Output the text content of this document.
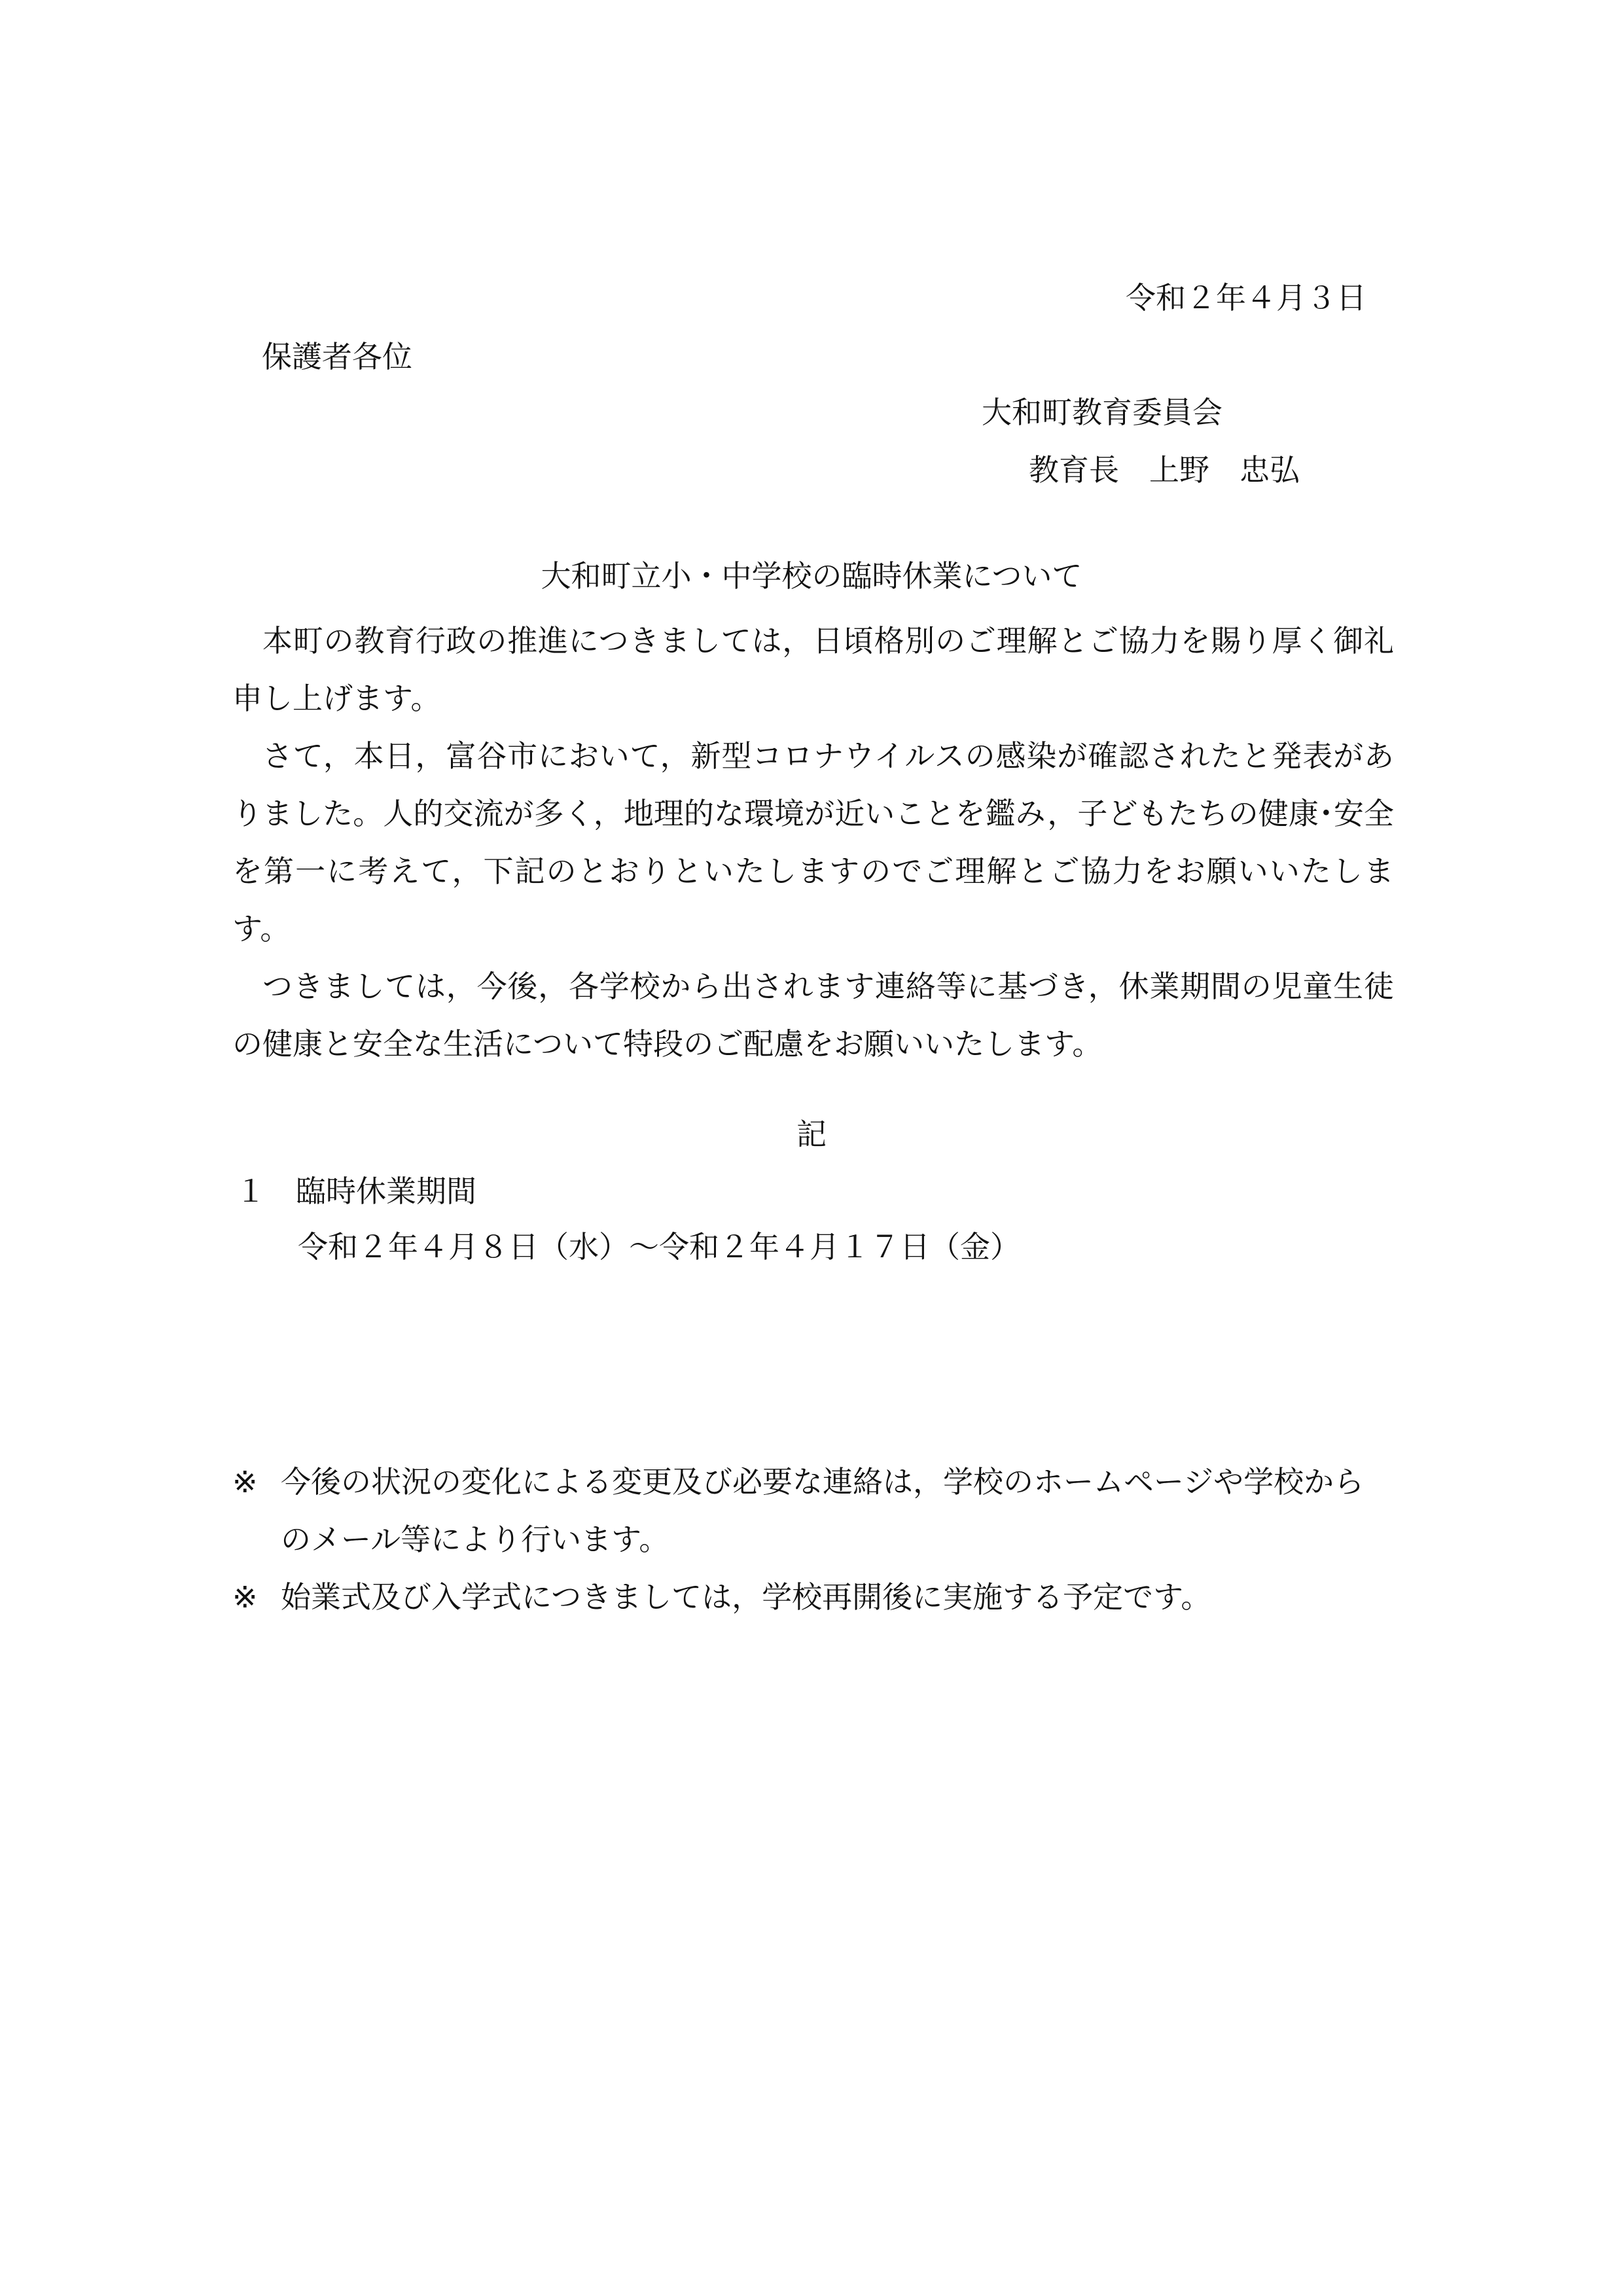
令和２年４月３日
保護者各位
大和町教育委員会
教育長 上野 忠弘
大和町立小・中学校の臨時休業について

本町の教育行政の推進につきましては，日頃格別のご理解とご協力を賜り厚く御礼申し上げます。

さて，本日，富谷市において，新型コロナウイルスの感染が確認されたと発表がありました。人的交流が多く，地理的な環境が近いことを鑑み，子どもたちの健康･安全を第一に考えて，下記のとおりといたしますのでご理解とご協力をお願いいたします。

つきましては，今後，各学校から出されます連絡等に基づき，休業期間の児童生徒の健康と安全な生活について特段のご配慮をお願いいたします。

記
１ 臨時休業期間
令和２年４月８日（水）～令和２年４月１７日（金）
※ 今後の状況の変化による変更及び必要な連絡は，学校のホームページや学校からのメール等により行います。
※ 始業式及び入学式につきましては，学校再開後に実施する予定です。
